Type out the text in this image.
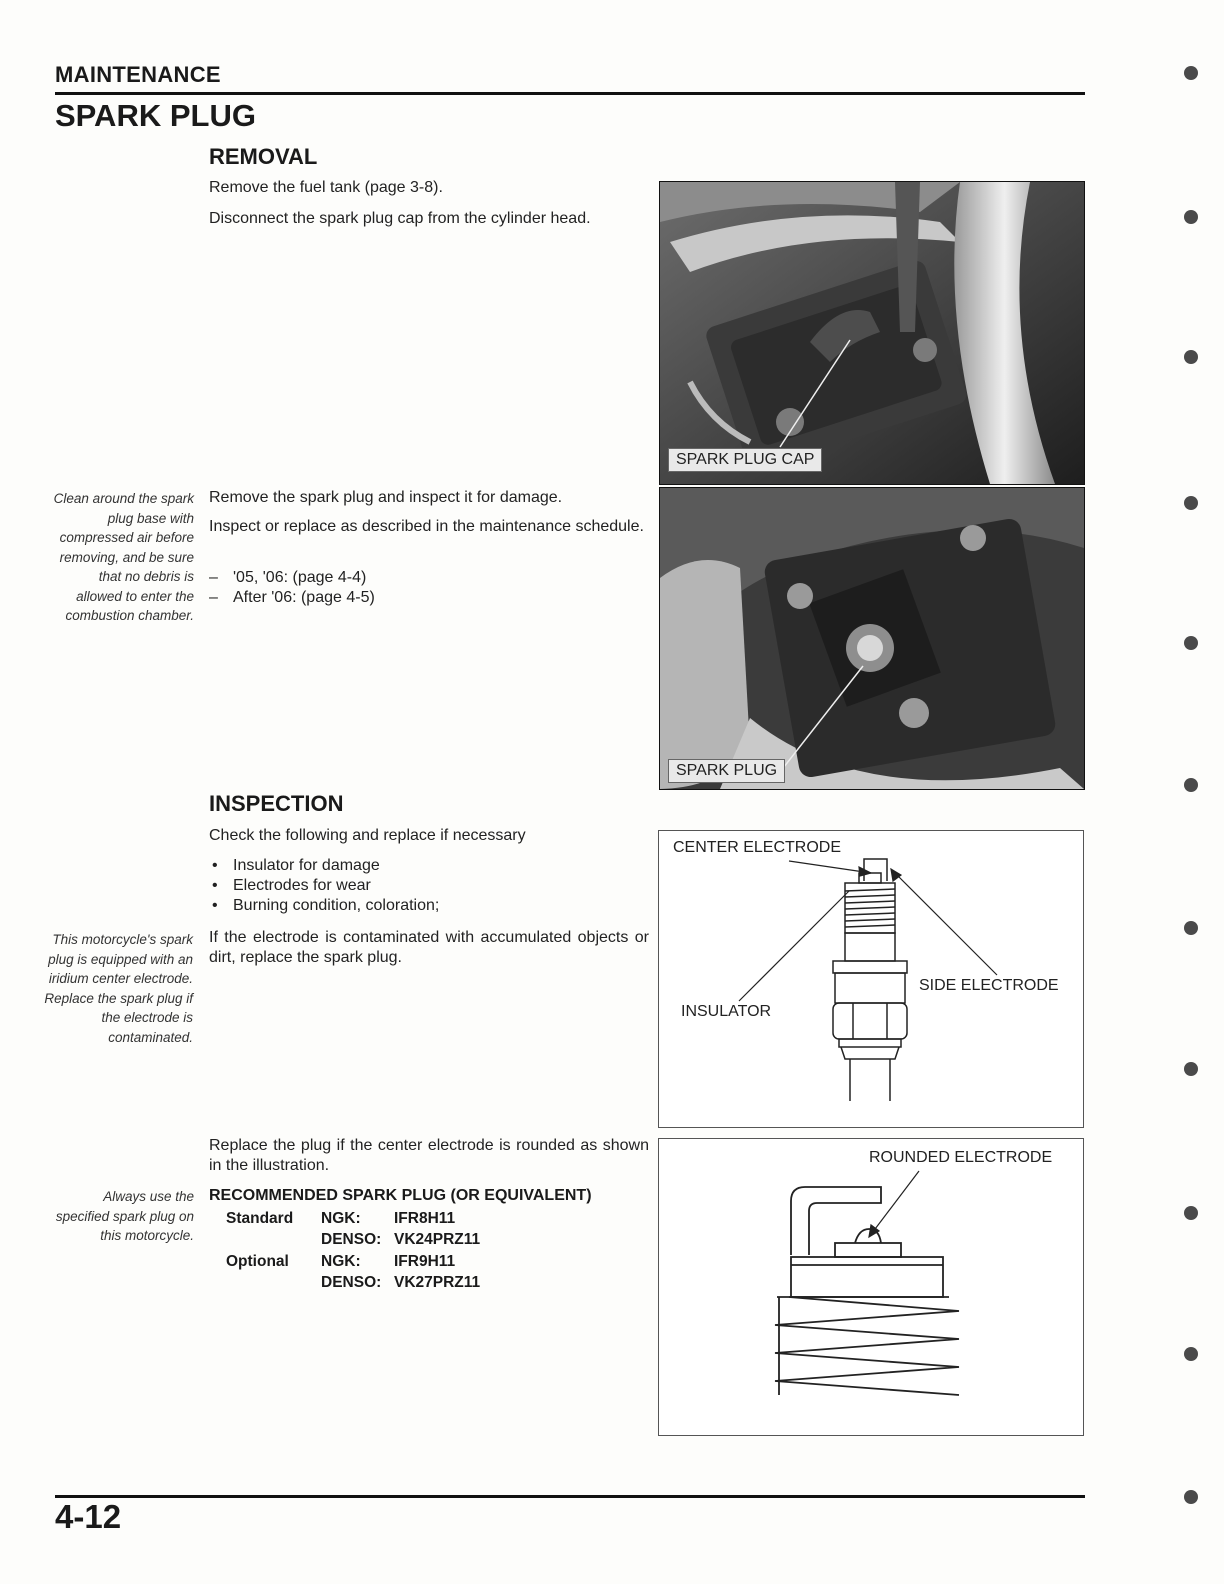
MAINTENANCE
SPARK PLUG
REMOVAL
Remove the fuel tank (page 3-8).
Disconnect the spark plug cap from the cylinder head.
Clean around the spark plug base with compressed air before removing, and be sure that no debris is allowed to enter the combustion chamber.
Remove the spark plug and inspect it for damage.
Inspect or replace as described in the maintenance schedule.
– '05, '06: (page 4-4)
– After '06: (page 4-5)
SPARK PLUG CAP
SPARK PLUG
INSPECTION
Check the following and replace if necessary
• Insulator for damage
• Electrodes for wear
• Burning condition, coloration;
This motorcycle's spark plug is equipped with an iridium center electrode. Replace the spark plug if the electrode is contaminated.
If the electrode is contaminated with accumulated objects or dirt, replace the spark plug.
Replace the plug if the center electrode is rounded as shown in the illustration.
CENTER ELECTRODE
SIDE ELECTRODE
INSULATOR
ROUNDED ELECTRODE
Always use the specified spark plug on this motorcycle.
RECOMMENDED SPARK PLUG (OR EQUIVALENT)
Standard NGK: IFR8H11
DENSO: VK24PRZ11
Optional NGK: IFR9H11
DENSO: VK27PRZ11
4-12
